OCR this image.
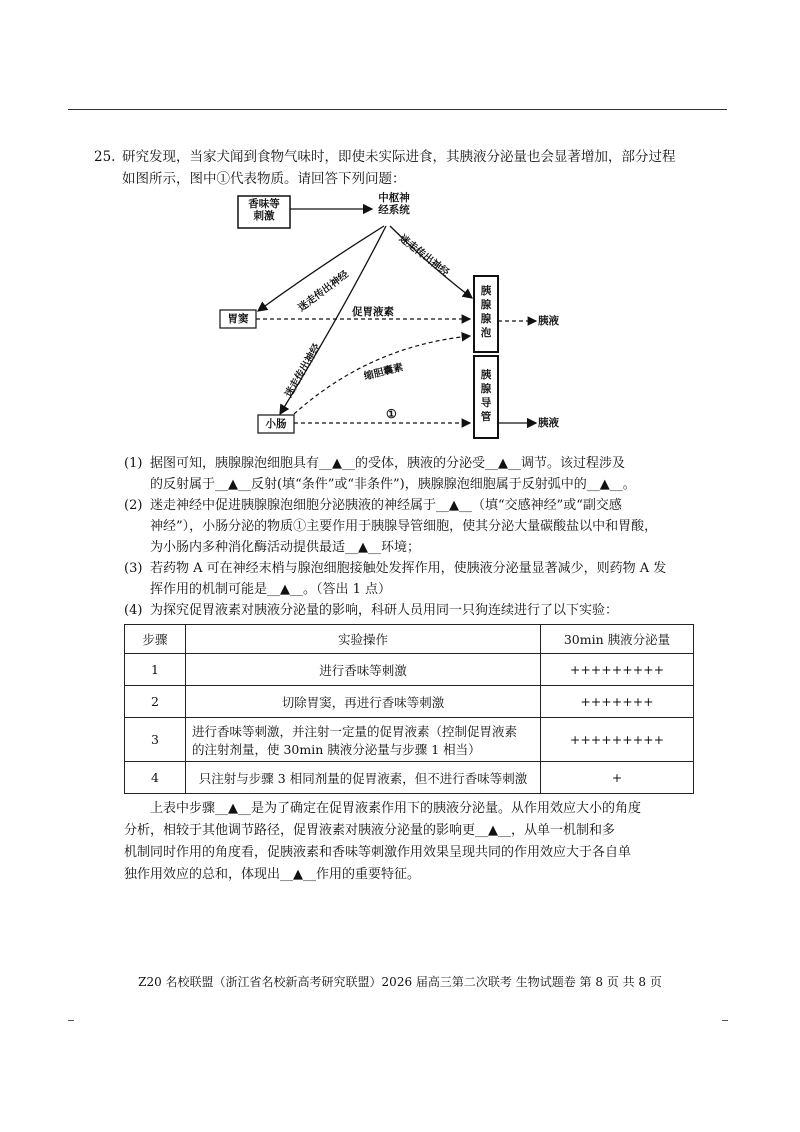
25. 研究发现，当家犬闻到食物气味时，即使未实际进食，其胰液分泌量也会显著增加，部分过程
如图所示，图中①代表物质。请回答下列问题：
香味等
刺激
中枢神
经系统
胃窦
小肠
胰
腺
腺
泡
胰
腺
导
管
迷走传出神经
迷走传出神经
迷走传出神经
促胃液素
缩胆囊素
①
胰液
胰液
(1) 据图可知，胰腺腺泡细胞具有__▲__的受体，胰液的分泌受__▲__调节。该过程涉及
的反射属于__▲__反射(填“条件”或“非条件”)，胰腺腺泡细胞属于反射弧中的__▲__。
(2) 迷走神经中促进胰腺腺泡细胞分泌胰液的神经属于__▲__（填“交感神经”或“副交感
神经”），小肠分泌的物质①主要作用于胰腺导管细胞，使其分泌大量碳酸盐以中和胃酸，
为小肠内多种消化酶活动提供最适__▲__环境；
(3) 若药物 A 可在神经末梢与腺泡细胞接触处发挥作用，使胰液分泌量显著减少，则药物 A 发
挥作用的机制可能是__▲__。（答出 1 点）
(4) 为探究促胃液素对胰液分泌量的影响，科研人员用同一只狗连续进行了以下实验：
步骤	实验操作	30min 胰液分泌量
1	进行香味等刺激	+++++++++
2	切除胃窦，再进行香味等刺激	+++++++
3	进行香味等刺激，并注射一定量的促胃液素（控制促胃液素
的注射剂量，使 30min 胰液分泌量与步骤 1 相当）	+++++++++
4	只注射与步骤 3 相同剂量的促胃液素，但不进行香味等刺激	+
上表中步骤__▲__是为了确定在促胃液素作用下的胰液分泌量。从作用效应大小的角度
分析，相较于其他调节路径，促胃液素对胰液分泌量的影响更__▲__，从单一机制和多
机制同时作用的角度看，促胰液素和香味等刺激作用效果呈现共同的作用效应大于各自单
独作用效应的总和，体现出__▲__作用的重要特征。
Z20 名校联盟（浙江省名校新高考研究联盟）2026 届高三第二次联考 生物试题卷 第 8 页 共 8 页
